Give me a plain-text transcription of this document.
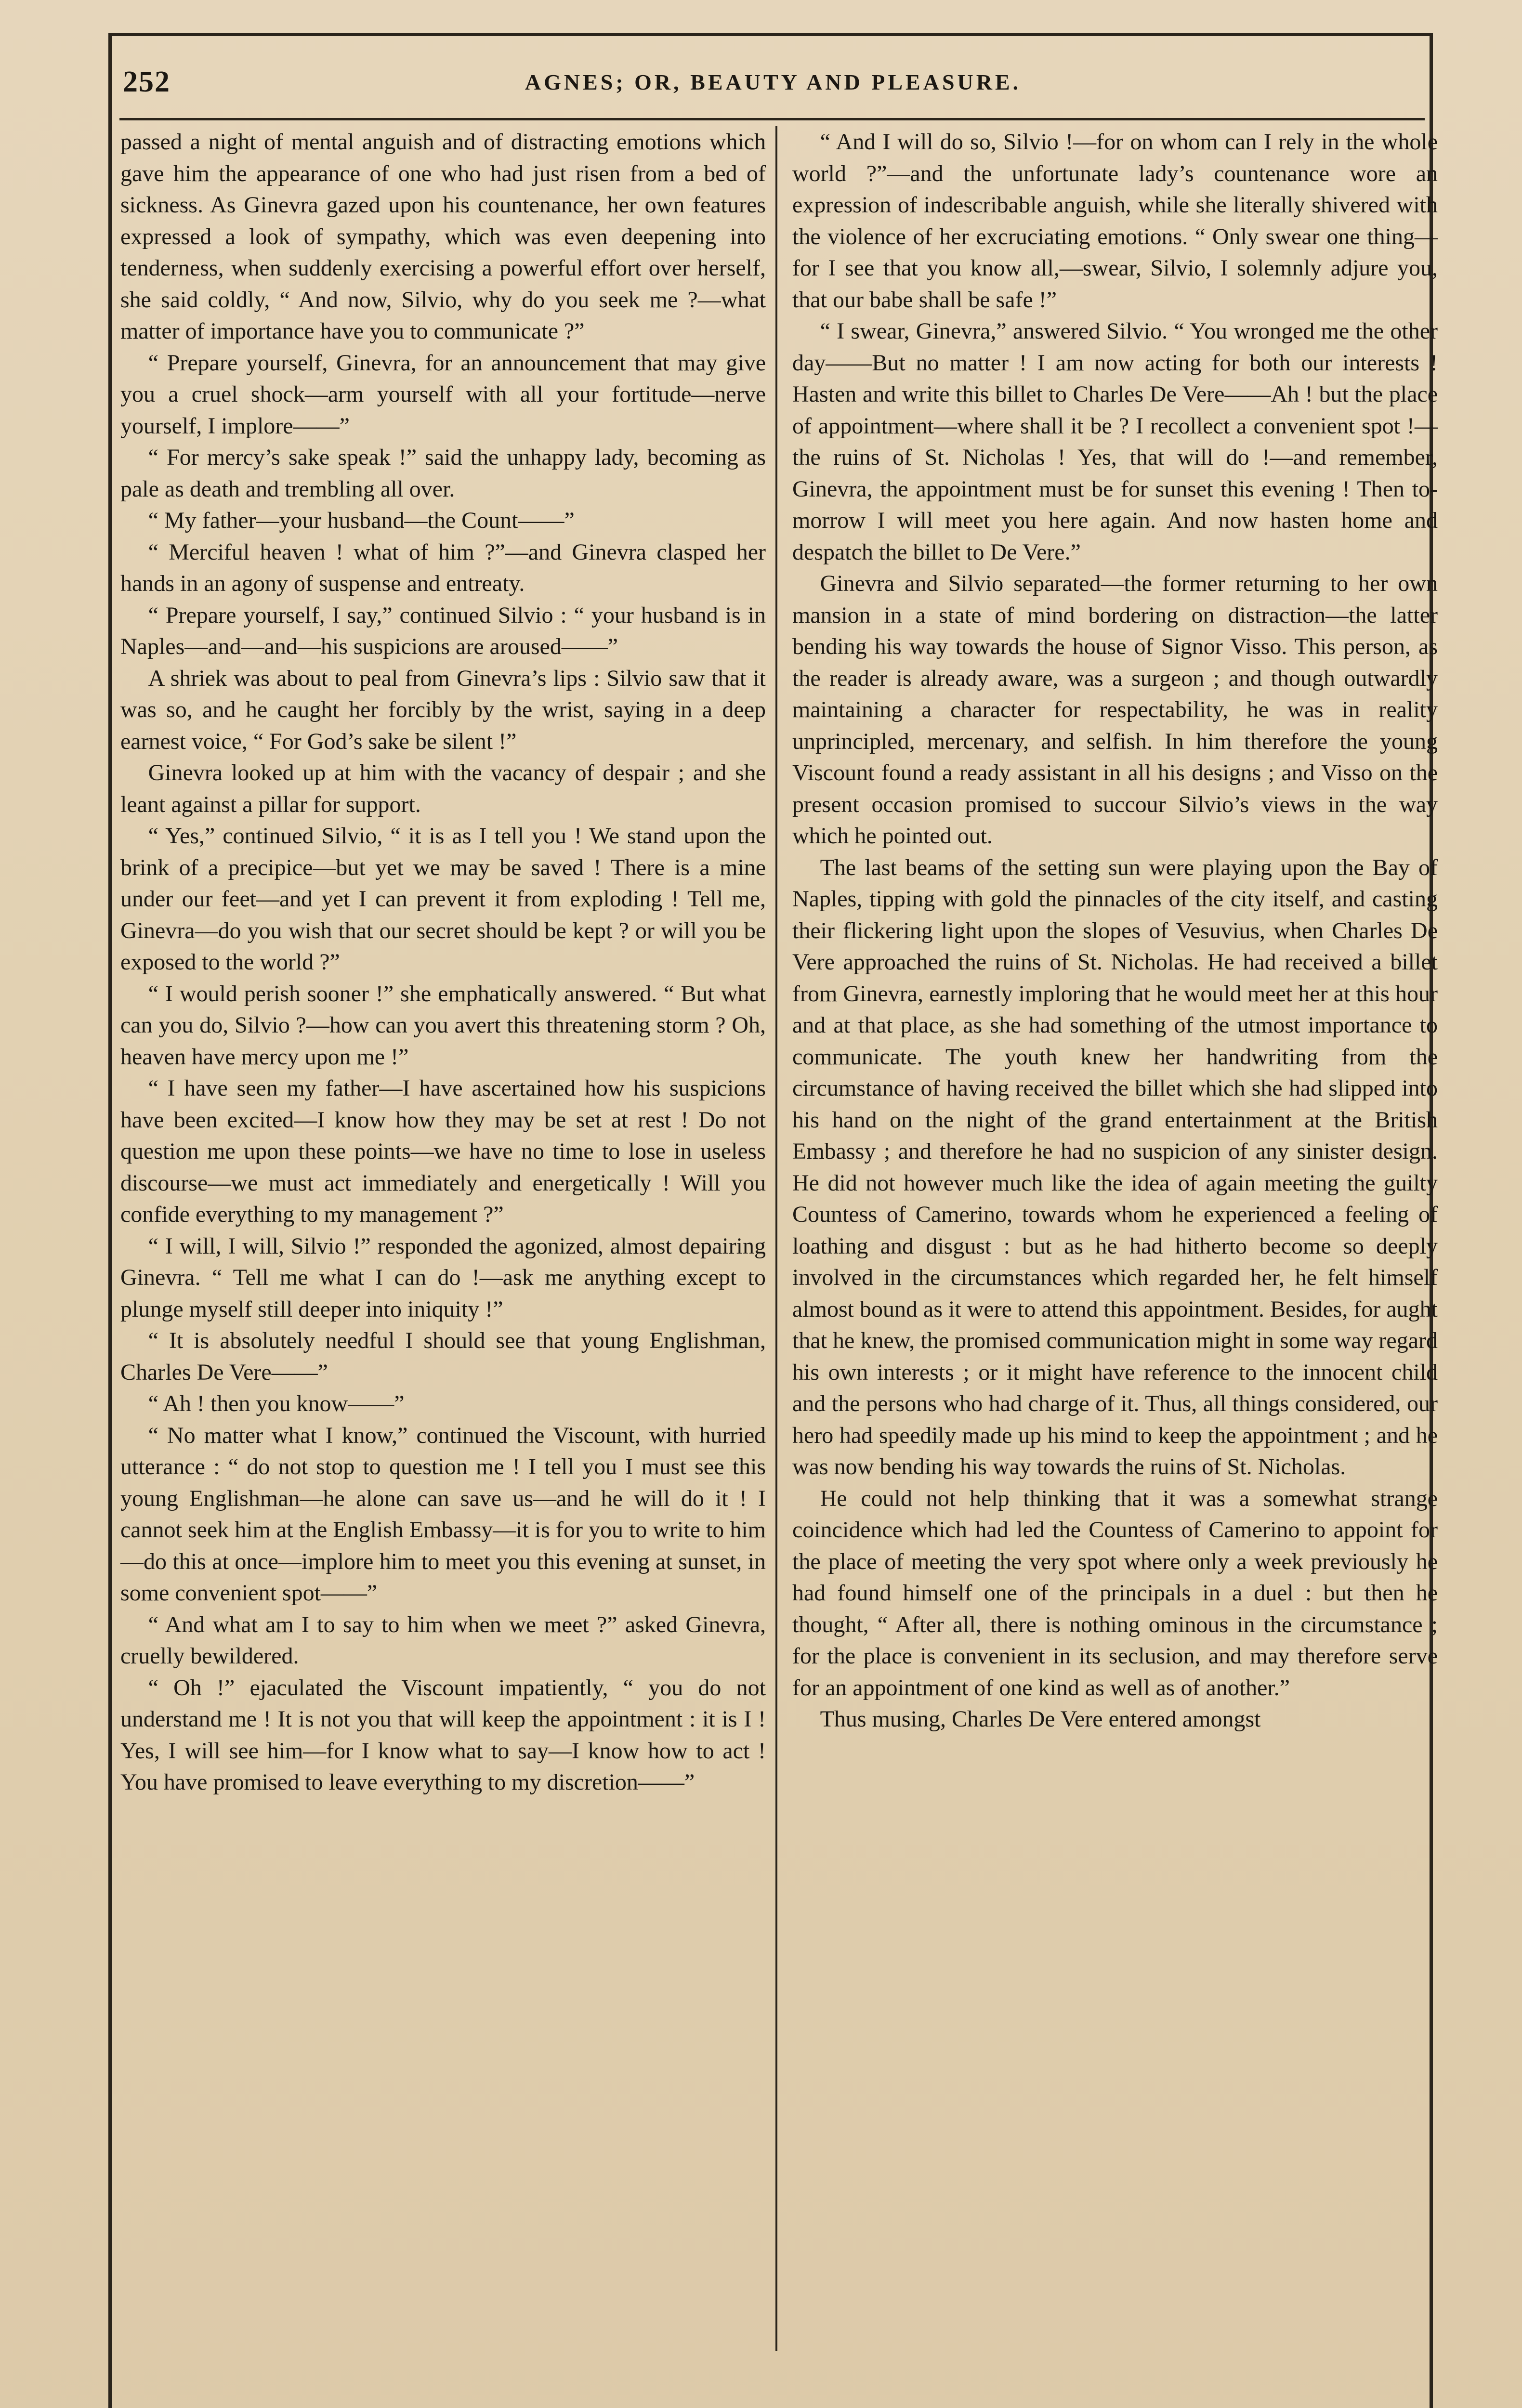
252	AGNES; OR, BEAUTY AND PLEASURE.

passed a night of mental anguish and of distracting emotions which gave him the appearance of one who had just risen from a bed of sickness. As Ginevra gazed upon his countenance, her own features expressed a look of sympathy, which was even deepening into tenderness, when suddenly exercising a powerful effort over herself, she said coldly, “ And now, Silvio, why do you seek me ?—what matter of importance have you to communicate ?”

“ Prepare yourself, Ginevra, for an announcement that may give you a cruel shock—arm yourself with all your fortitude—nerve yourself, I implore——”

“ For mercy’s sake speak !” said the unhappy lady, becoming as pale as death and trembling all over.

“ My father—your husband—the Count——”

“ Merciful heaven ! what of him ?”—and Ginevra clasped her hands in an agony of suspense and entreaty.

“ Prepare yourself, I say,” continued Silvio : “ your husband is in Naples—and—and—his suspicions are aroused——”

A shriek was about to peal from Ginevra’s lips : Silvio saw that it was so, and he caught her forcibly by the wrist, saying in a deep earnest voice, “ For God’s sake be silent !”

Ginevra looked up at him with the vacancy of despair ; and she leant against a pillar for support.

“ Yes,” continued Silvio, “ it is as I tell you ! We stand upon the brink of a precipice—but yet we may be saved ! There is a mine under our feet—and yet I can prevent it from exploding ! Tell me, Ginevra—do you wish that our secret should be kept ? or will you be exposed to the world ?”

“ I would perish sooner !” she emphatically answered. “ But what can you do, Silvio ?—how can you avert this threatening storm ? Oh, heaven have mercy upon me !”

“ I have seen my father—I have ascertained how his suspicions have been excited—I know how they may be set at rest ! Do not question me upon these points—we have no time to lose in useless discourse—we must act immediately and energetically ! Will you confide everything to my management ?”

“ I will, I will, Silvio !” responded the agonized, almost depairing Ginevra. “ Tell me what I can do !—ask me anything except to plunge myself still deeper into iniquity !”

“ It is absolutely needful I should see that young Englishman, Charles De Vere——”

“ Ah ! then you know——”

“ No matter what I know,” continued the Viscount, with hurried utterance : “ do not stop to question me ! I tell you I must see this young Englishman—he alone can save us—and he will do it ! I cannot seek him at the English Embassy—it is for you to write to him—do this at once—implore him to meet you this evening at sunset, in some convenient spot——”

“ And what am I to say to him when we meet ?” asked Ginevra, cruelly bewildered.

“ Oh !” ejaculated the Viscount impatiently, “ you do not understand me ! It is not you that will keep the appointment : it is I ! Yes, I will see him—for I know what to say—I know how to act ! You have promised to leave everything to my discretion——”

“ And I will do so, Silvio !—for on whom can I rely in the whole world ?”—and the unfortunate lady’s countenance wore an expression of indescribable anguish, while she literally shivered with the violence of her excruciating emotions. “ Only swear one thing—for I see that you know all,—swear, Silvio, I solemnly adjure you, that our babe shall be safe !”

“ I swear, Ginevra,” answered Silvio. “ You wronged me the other day——But no matter ! I am now acting for both our interests ! Hasten and write this billet to Charles De Vere——Ah ! but the place of appointment—where shall it be ? I recollect a convenient spot !—the ruins of St. Nicholas ! Yes, that will do !—and remember, Ginevra, the appointment must be for sunset this evening ! Then to-morrow I will meet you here again. And now hasten home and despatch the billet to De Vere.”

Ginevra and Silvio separated—the former returning to her own mansion in a state of mind bordering on distraction—the latter bending his way towards the house of Signor Visso. This person, as the reader is already aware, was a surgeon ; and though outwardly maintaining a character for respectability, he was in reality unprincipled, mercenary, and selfish. In him therefore the young Viscount found a ready assistant in all his designs ; and Visso on the present occasion promised to succour Silvio’s views in the way which he pointed out.

The last beams of the setting sun were playing upon the Bay of Naples, tipping with gold the pinnacles of the city itself, and casting their flickering light upon the slopes of Vesuvius, when Charles De Vere approached the ruins of St. Nicholas. He had received a billet from Ginevra, earnestly imploring that he would meet her at this hour and at that place, as she had something of the utmost importance to communicate. The youth knew her handwriting from the circumstance of having received the billet which she had slipped into his hand on the night of the grand entertainment at the British Embassy ; and therefore he had no suspicion of any sinister design. He did not however much like the idea of again meeting the guilty Countess of Camerino, towards whom he experienced a feeling of loathing and disgust : but as he had hitherto become so deeply involved in the circumstances which regarded her, he felt himself almost bound as it were to attend this appointment. Besides, for aught that he knew, the promised communication might in some way regard his own interests ; or it might have reference to the innocent child and the persons who had charge of it. Thus, all things considered, our hero had speedily made up his mind to keep the appointment ; and he was now bending his way towards the ruins of St. Nicholas.

He could not help thinking that it was a somewhat strange coincidence which had led the Countess of Camerino to appoint for the place of meeting the very spot where only a week previously he had found himself one of the principals in a duel : but then he thought, “ After all, there is nothing ominous in the circumstance ; for the place is convenient in its seclusion, and may therefore serve for an appointment of one kind as well as of another.”

Thus musing, Charles De Vere entered amongst
